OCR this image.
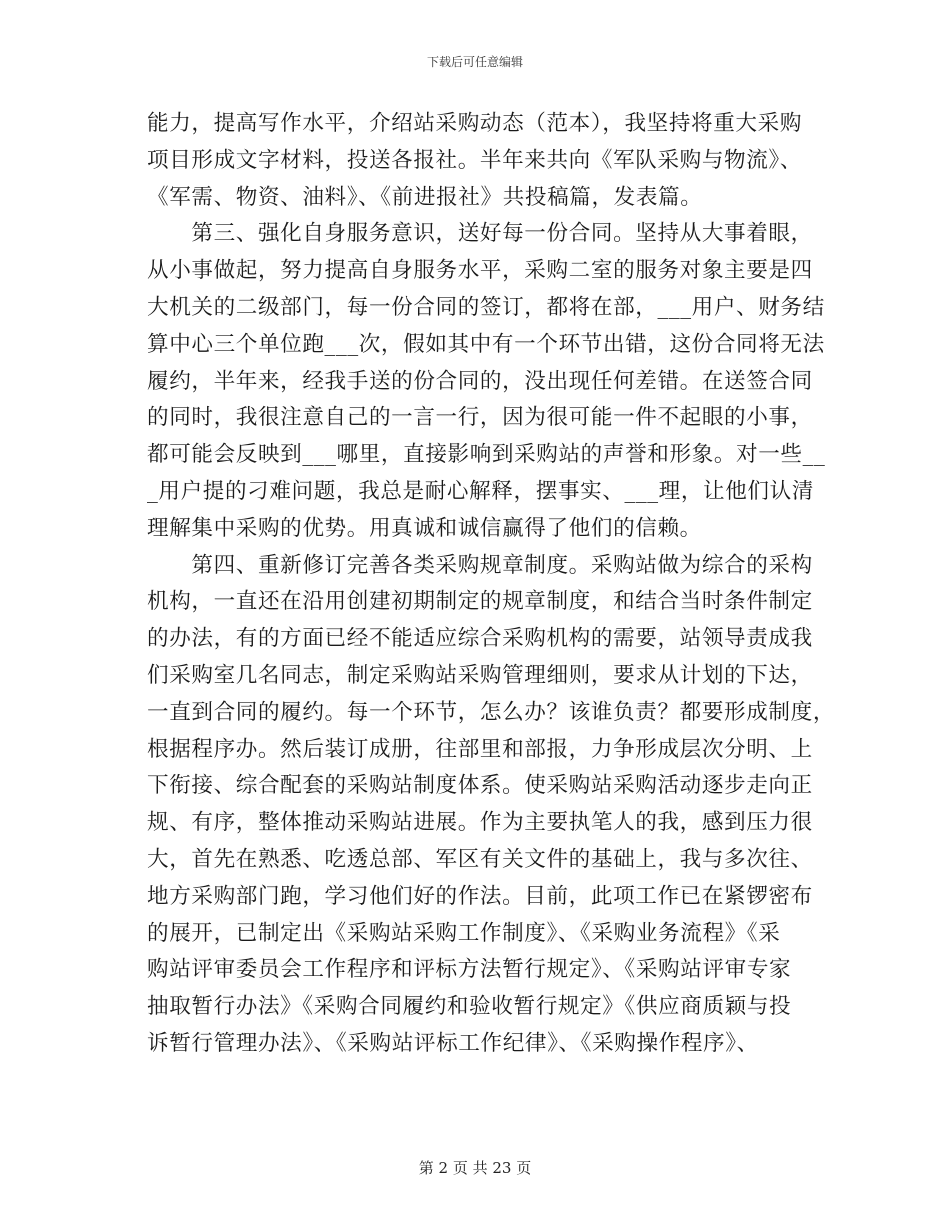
下载后可任意编辑
能力，提高写作水平，介绍站采购动态（范本），我坚持将重大采购
项目形成文字材料，投送各报社。半年来共向《军队采购与物流》、
《军需、物资、油料》、《前进报社》共投稿篇，发表篇。
　　第三、强化自身服务意识，送好每一份合同。坚持从大事着眼，
从小事做起，努力提高自身服务水平，采购二室的服务对象主要是四
大机关的二级部门，每一份合同的签订，都将在部，___用户、财务结
算中心三个单位跑___次，假如其中有一个环节出错，这份合同将无法
履约，半年来，经我手送的份合同的，没出现任何差错。在送签合同
的同时，我很注意自己的一言一行，因为很可能一件不起眼的小事，
都可能会反映到___哪里，直接影响到采购站的声誉和形象。对一些__
_用户提的刁难问题，我总是耐心解释，摆事实、___理，让他们认清
理解集中采购的优势。用真诚和诚信赢得了他们的信赖。
　　第四、重新修订完善各类采购规章制度。采购站做为综合的采构
机构，一直还在沿用创建初期制定的规章制度，和结合当时条件制定
的办法，有的方面已经不能适应综合采购机构的需要，站领导责成我
们采购室几名同志，制定采购站采购管理细则，要求从计划的下达，
一直到合同的履约。每一个环节，怎么办？该谁负责？都要形成制度，
根据程序办。然后装订成册，往部里和部报，力争形成层次分明、上
下衔接、综合配套的采购站制度体系。使采购站采购活动逐步走向正
规、有序，整体推动采购站进展。作为主要执笔人的我，感到压力很
大，首先在熟悉、吃透总部、军区有关文件的基础上，我与多次往、
地方采购部门跑，学习他们好的作法。目前，此项工作已在紧锣密布
的展开，已制定出《采购站采购工作制度》、《采购业务流程》《采
购站评审委员会工作程序和评标方法暂行规定》、《采购站评审专家
抽取暂行办法》《采购合同履约和验收暂行规定》《供应商质颖与投
诉暂行管理办法》、《采购站评标工作纪律》、《采购操作程序》、
第 2 页 共 23 页
